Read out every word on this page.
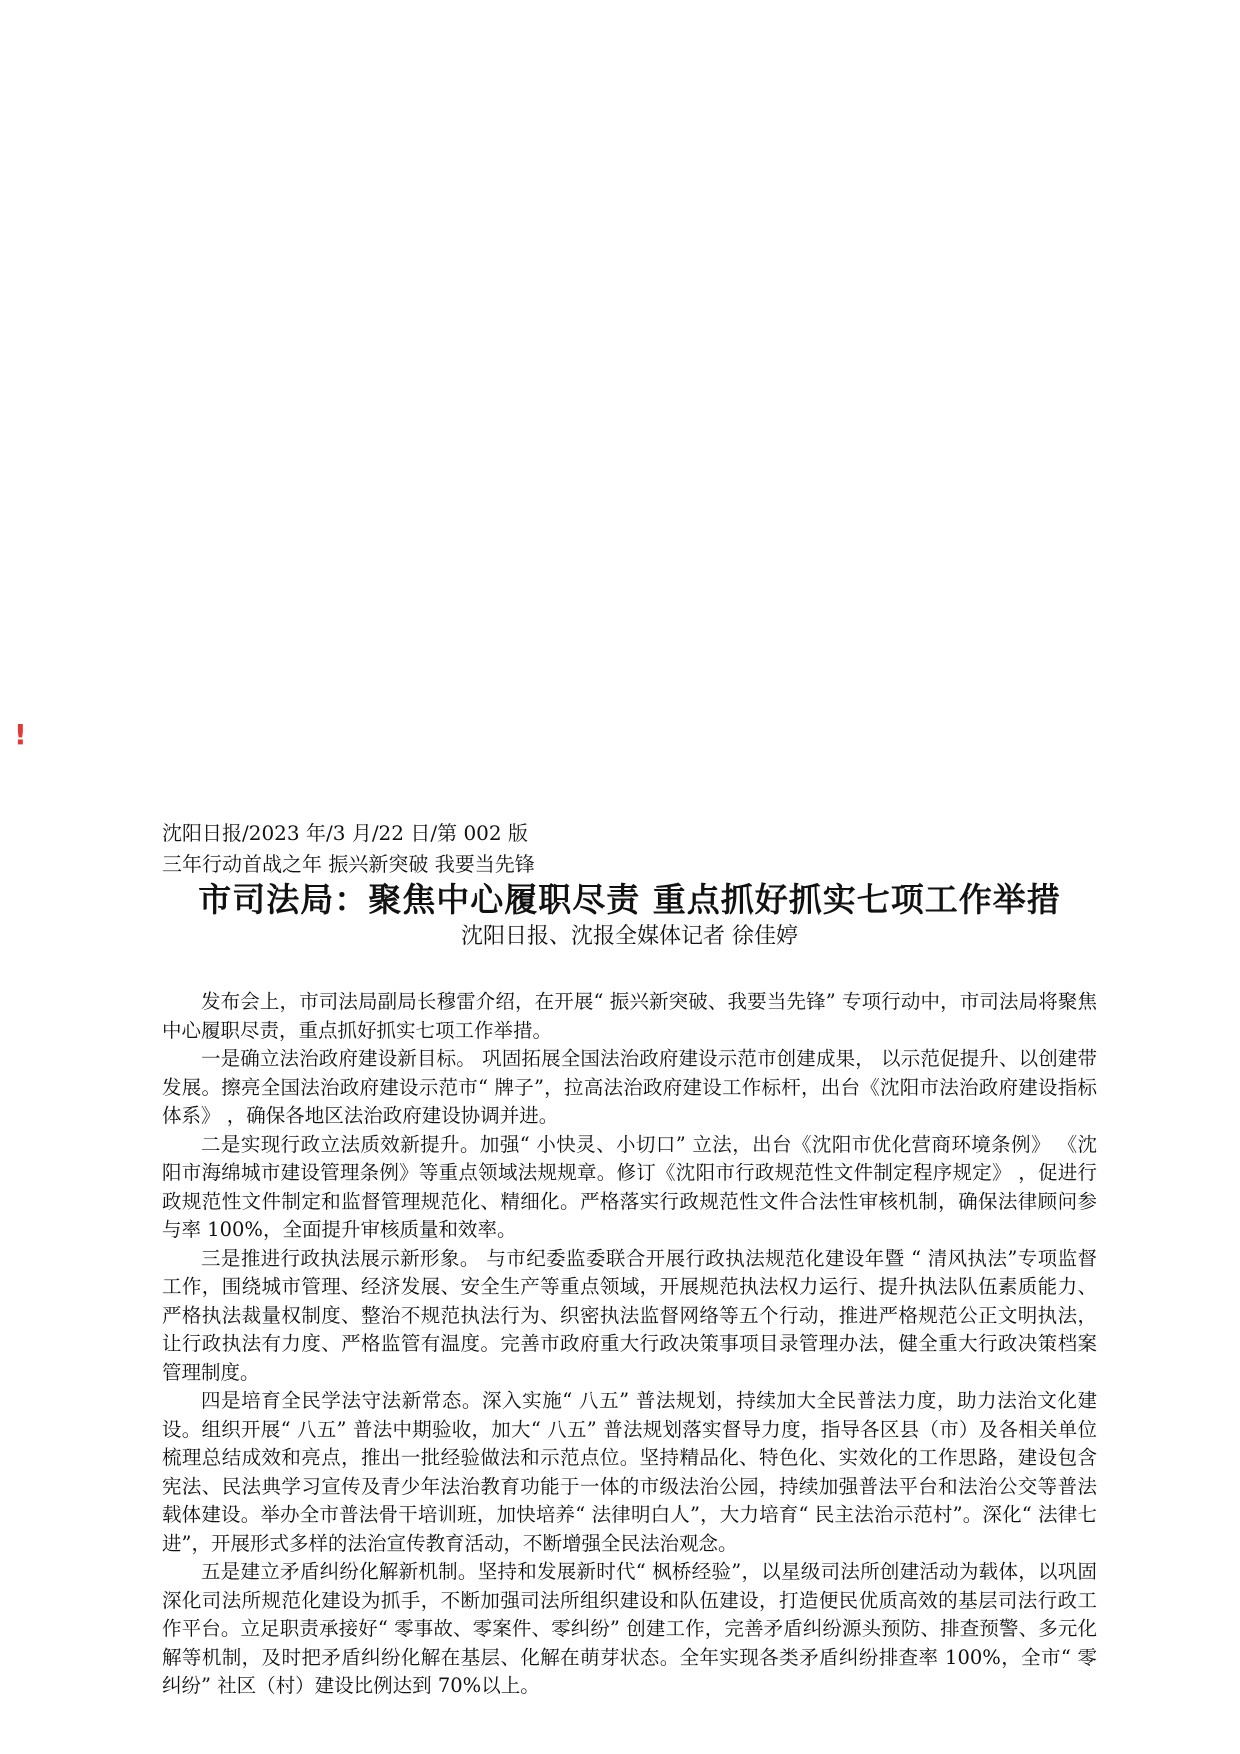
!

沈阳日报/2023 年/3 月/22 日/第 002 版

三年行动首战之年 振兴新突破 我要当先锋

市司法局：聚焦中心履职尽责 重点抓好抓实七项工作举措

沈阳日报、沈报全媒体记者 徐佳婷

发布会上，市司法局副局长穆雷介绍，在开展“ 振兴新突破、我要当先锋” 专项行动中，市司法局将聚焦中心履职尽责，重点抓好抓实七项工作举措。

一是确立法治政府建设新目标。 巩固拓展全国法治政府建设示范市创建成果， 以示范促提升、以创建带发展。擦亮全国法治政府建设示范市“ 牌子”，拉高法治政府建设工作标杆，出台《沈阳市法治政府建设指标体系》 ，确保各地区法治政府建设协调并进。

二是实现行政立法质效新提升。加强“ 小快灵、小切口” 立法，出台《沈阳市优化营商环境条例》 《沈阳市海绵城市建设管理条例》等重点领域法规规章。修订《沈阳市行政规范性文件制定程序规定》 ，促进行政规范性文件制定和监督管理规范化、精细化。严格落实行政规范性文件合法性审核机制，确保法律顾问参与率 100%，全面提升审核质量和效率。

三是推进行政执法展示新形象。 与市纪委监委联合开展行政执法规范化建设年暨 “ 清风执法”专项监督工作，围绕城市管理、经济发展、安全生产等重点领域，开展规范执法权力运行、提升执法队伍素质能力、严格执法裁量权制度、整治不规范执法行为、织密执法监督网络等五个行动，推进严格规范公正文明执法，让行政执法有力度、严格监管有温度。完善市政府重大行政决策事项目录管理办法，健全重大行政决策档案管理制度。

四是培育全民学法守法新常态。深入实施“ 八五” 普法规划，持续加大全民普法力度，助力法治文化建设。组织开展“ 八五” 普法中期验收，加大“ 八五” 普法规划落实督导力度，指导各区县（市）及各相关单位梳理总结成效和亮点，推出一批经验做法和示范点位。坚持精品化、特色化、实效化的工作思路，建设包含宪法、民法典学习宣传及青少年法治教育功能于一体的市级法治公园，持续加强普法平台和法治公交等普法载体建设。举办全市普法骨干培训班，加快培养“ 法律明白人”，大力培育“ 民主法治示范村”。深化“ 法律七进”，开展形式多样的法治宣传教育活动，不断增强全民法治观念。

五是建立矛盾纠纷化解新机制。坚持和发展新时代“ 枫桥经验”，以星级司法所创建活动为载体，以巩固深化司法所规范化建设为抓手，不断加强司法所组织建设和队伍建设，打造便民优质高效的基层司法行政工作平台。立足职责承接好“ 零事故、零案件、零纠纷” 创建工作，完善矛盾纠纷源头预防、排查预警、多元化解等机制，及时把矛盾纠纷化解在基层、化解在萌芽状态。全年实现各类矛盾纠纷排查率 100%，全市“ 零纠纷” 社区（村）建设比例达到 70%以上。
